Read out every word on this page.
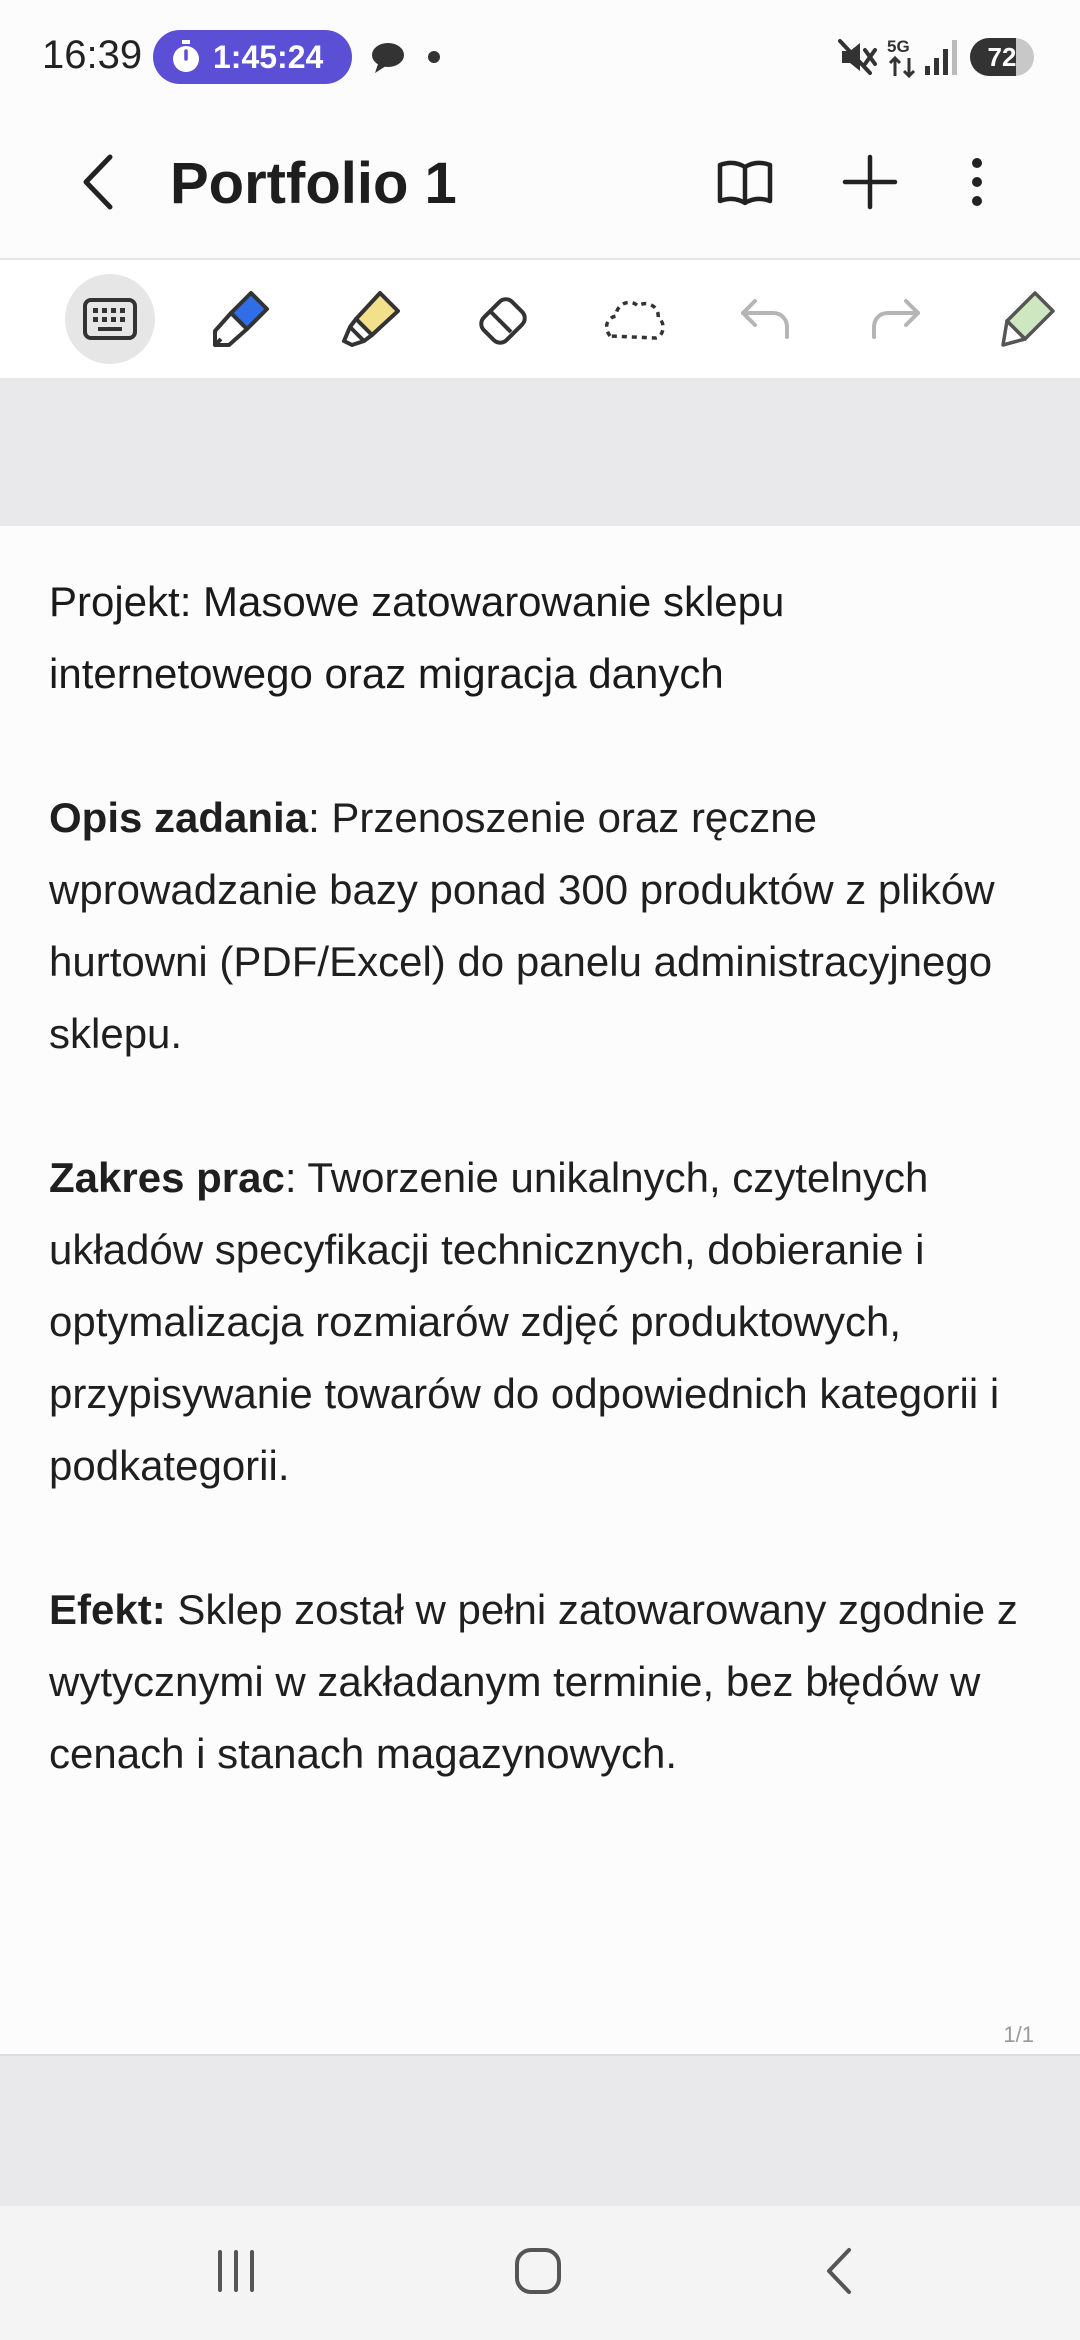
16:39 1:45:24	5G	72
Portfolio 1

Projekt: Masowe zatowarowanie sklepu internetowego oraz migracja danych

Opis zadania: Przenoszenie oraz ręczne wprowadzanie bazy ponad 300 produktów z plików hurtowni (PDF/Excel) do panelu administracyjnego sklepu.

Zakres prac: Tworzenie unikalnych, czytelnych układów specyfikacji technicznych, dobieranie i optymalizacja rozmiarów zdjęć produktowych, przypisywanie towarów do odpowiednich kategorii i podkategorii.

Efekt: Sklep został w pełni zatowarowany zgodnie z wytycznymi w zakładanym terminie, bez błędów w cenach i stanach magazynowych.

1/1
